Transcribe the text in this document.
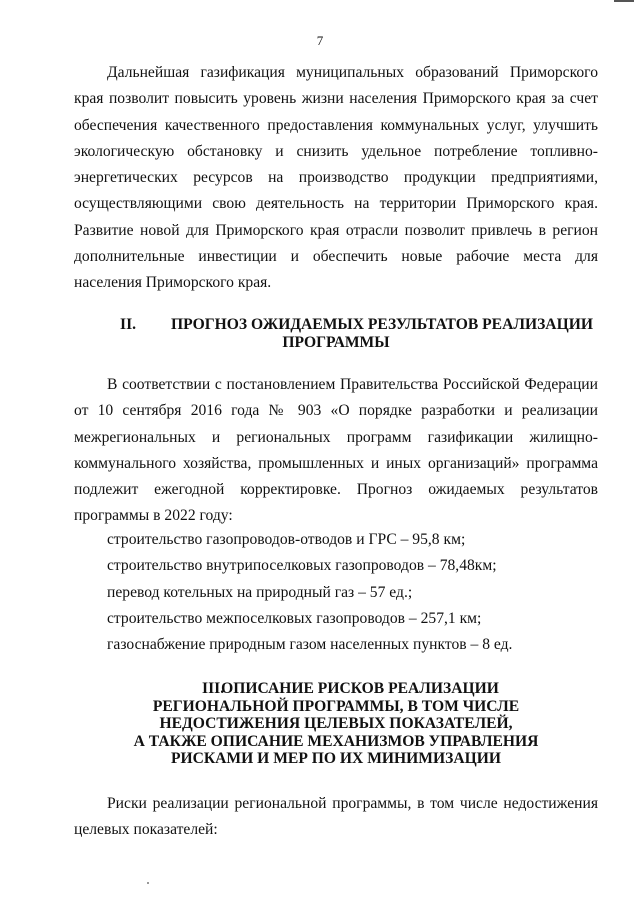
7

Дальнейшая газификация муниципальных образований Приморского края позволит повысить уровень жизни населения Приморского края за счет обеспечения качественного предоставления коммунальных услуг, улучшить экологическую обстановку и снизить удельное потребление топливно-энергетических ресурсов на производство продукции предприятиями, осуществляющими свою деятельность на территории Приморского края. Развитие новой для Приморского края отрасли позволит привлечь в регион дополнительные инвестиции и обеспечить новые рабочие места для населения Приморского края.

II. ПРОГНОЗ ОЖИДАЕМЫХ РЕЗУЛЬТАТОВ РЕАЛИЗАЦИИ
ПРОГРАММЫ

В соответствии с постановлением Правительства Российской Федерации от 10 сентября 2016 года № 903 «О порядке разработки и реализации межрегиональных и региональных программ газификации жилищно-коммунального хозяйства, промышленных и иных организаций» программа подлежит ежегодной корректировке. Прогноз ожидаемых результатов программы в 2022 году:

строительство газопроводов-отводов и ГРС – 95,8 км;
строительство внутрипоселковых газопроводов – 78,48км;
перевод котельных на природный газ – 57 ед.;
строительство межпоселковых газопроводов – 257,1 км;
газоснабжение природным газом населенных пунктов – 8 ед.
III.
ОПИСАНИЕ РИСКОВ РЕАЛИЗАЦИИ
РЕГИОНАЛЬНОЙ ПРОГРАММЫ, В ТОМ ЧИСЛЕ
НЕДОСТИЖЕНИЯ ЦЕЛЕВЫХ ПОКАЗАТЕЛЕЙ,
А ТАКЖЕ ОПИСАНИЕ МЕХАНИЗМОВ УПРАВЛЕНИЯ
РИСКАМИ И МЕР ПО ИХ МИНИМИЗАЦИИ

Риски реализации региональной программы, в том числе недостижения целевых показателей:
